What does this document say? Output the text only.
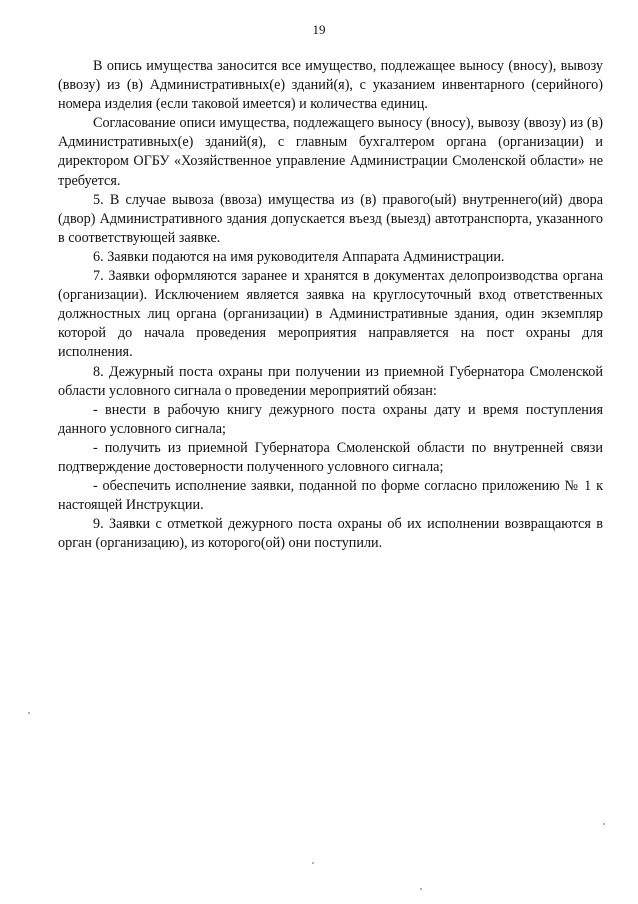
19

В опись имущества заносится все имущество, подлежащее выносу (вносу), вывозу (ввозу) из (в) Административных(е) зданий(я), с указанием инвентарного (серийного) номера изделия (если таковой имеется) и количества единиц.

Согласование описи имущества, подлежащего выносу (вносу), вывозу (ввозу) из (в) Административных(е) зданий(я), с главным бухгалтером органа (организации) и директором ОГБУ «Хозяйственное управление Администрации Смоленской области» не требуется.

5. В случае вывоза (ввоза) имущества из (в) правого(ый) внутреннего(ий) двора (двор) Административного здания допускается въезд (выезд) автотранспорта, указанного в соответствующей заявке.

6. Заявки подаются на имя руководителя Аппарата Администрации.

7. Заявки оформляются заранее и хранятся в документах делопроизводства органа (организации). Исключением является заявка на круглосуточный вход ответственных должностных лиц органа (организации) в Административные здания, один экземпляр которой до начала проведения мероприятия направляется на пост охраны для исполнения.

8. Дежурный поста охраны при получении из приемной Губернатора Смоленской области условного сигнала о проведении мероприятий обязан:

- внести в рабочую книгу дежурного поста охраны дату и время поступления данного условного сигнала;

- получить из приемной Губернатора Смоленской области по внутренней связи подтверждение достоверности полученного условного сигнала;

- обеспечить исполнение заявки, поданной по форме согласно приложению № 1 к настоящей Инструкции.

9. Заявки с отметкой дежурного поста охраны об их исполнении возвращаются в орган (организацию), из которого(ой) они поступили.
